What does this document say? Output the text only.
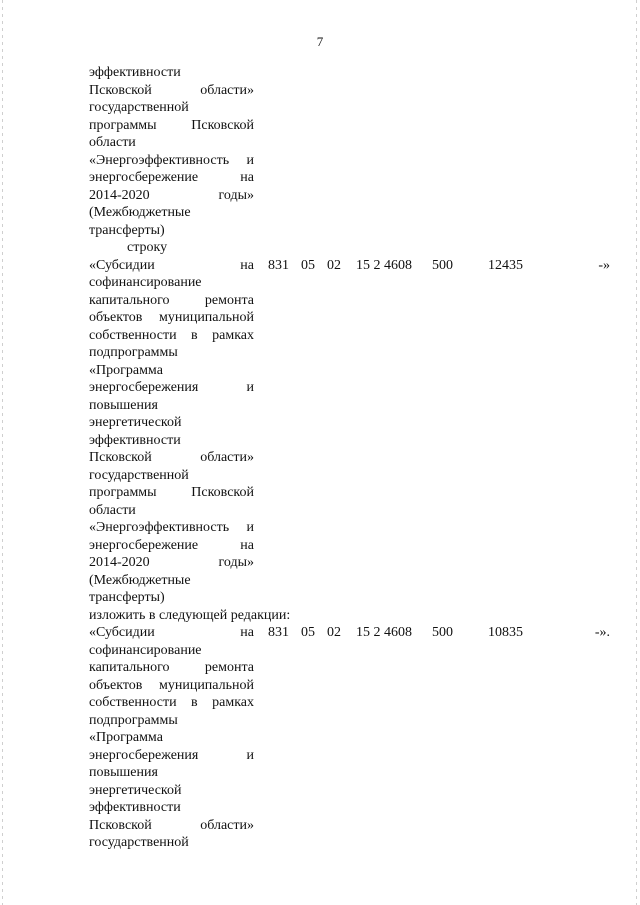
7
эффективности
Псковской области»
государственной
программы Псковской
области
«Энергоэффективность и
энергосбережение на
2014-2020 годы»
(Межбюджетные
трансферты)
строку
«Субсидии на
софинансирование
капитального ремонта
объектов муниципальной
собственности в рамках
подпрограммы
«Программа
энергосбережения и
повышения
энергетической
эффективности
Псковской области»
государственной
программы Псковской
области
«Энергоэффективность и
энергосбережение на
2014-2020 годы»
(Межбюджетные
трансферты)
831 05 02 15 2 4608 500	12435	-»
изложить в следующей редакции:
«Субсидии на
софинансирование
капитального ремонта
объектов муниципальной
собственности в рамках
подпрограммы
«Программа
энергосбережения и
повышения
энергетической
эффективности
Псковской области»
государственной
831 05 02 15 2 4608 500	10835	-».
